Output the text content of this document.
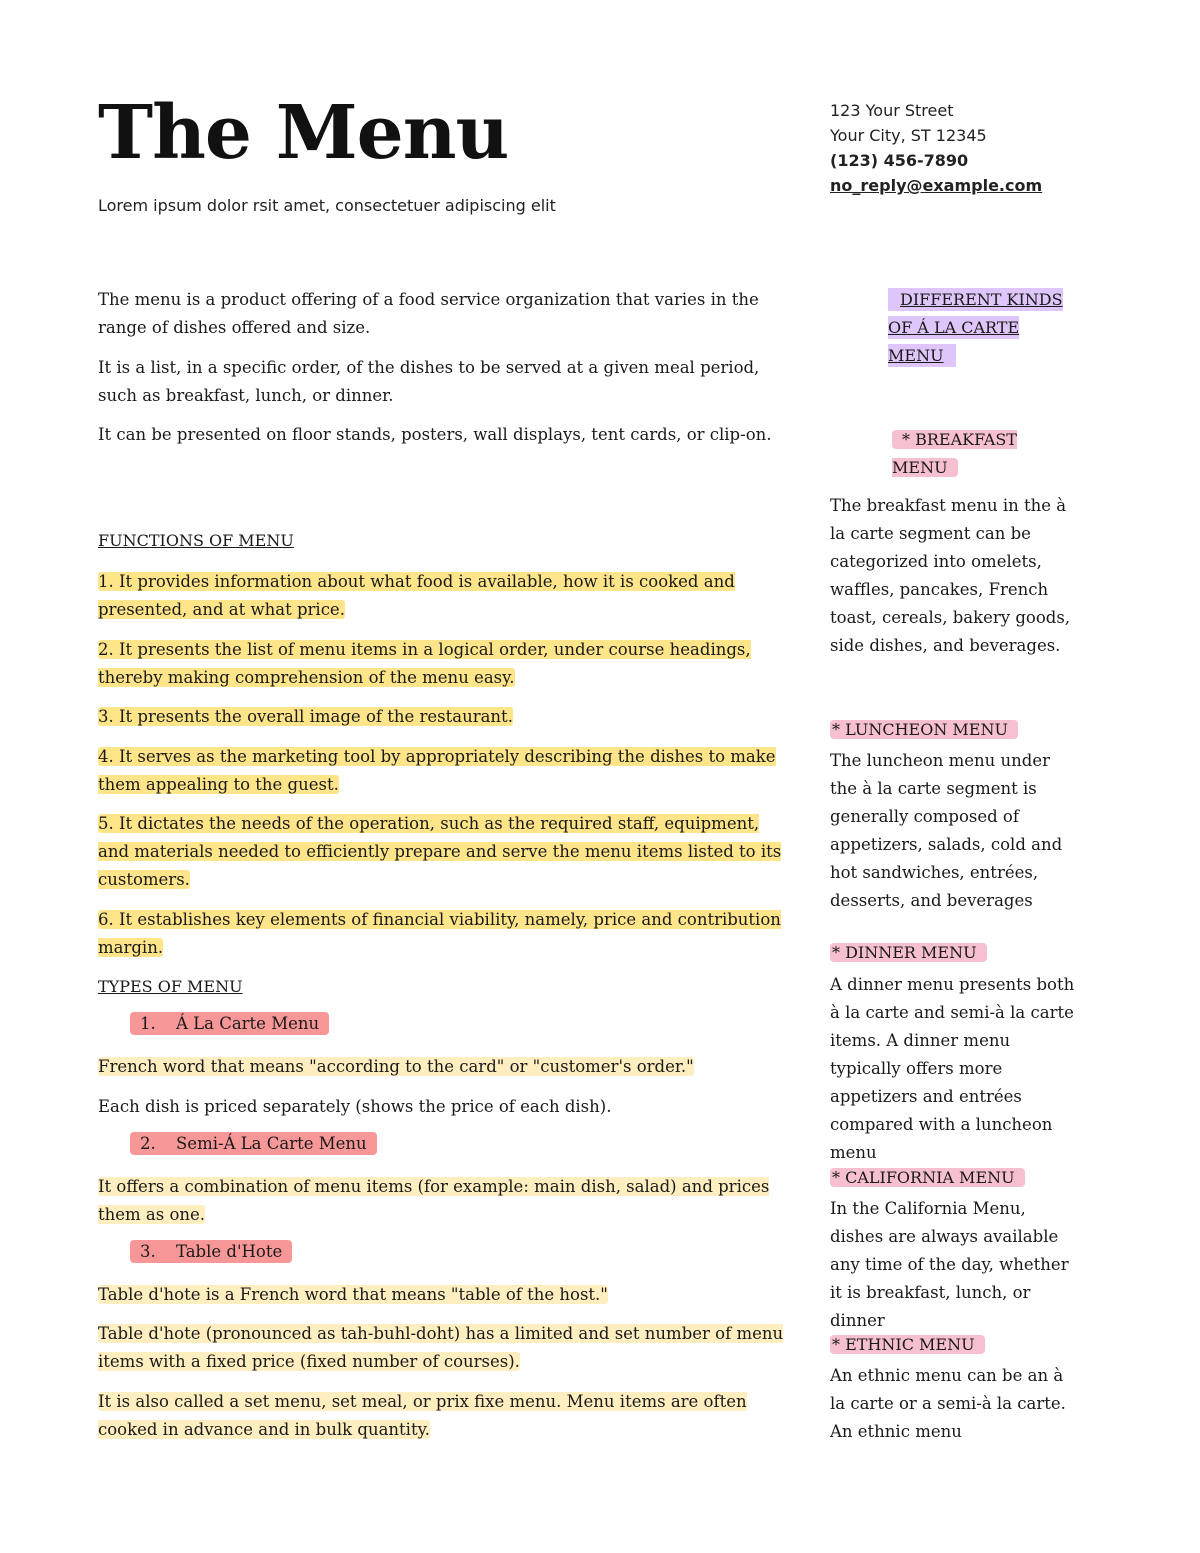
The Menu
Lorem ipsum dolor rsit amet, consectetuer adipiscing elit
123 Your Street
Your City, ST 12345
(123) 456-7890
no_reply@example.com

The menu is a product offering of a food service organization that varies in the range of dishes offered and size.

It is a list, in a specific order, of the dishes to be served at a given meal period, such as breakfast, lunch, or dinner.

It can be presented on floor stands, posters, wall displays, tent cards, or clip-on.

FUNCTIONS OF MENU

1. It provides information about what food is available, how it is cooked and presented, and at what price.

2. It presents the list of menu items in a logical order, under course headings, thereby making comprehension of the menu easy.

3. It presents the overall image of the restaurant.

4. It serves as the marketing tool by appropriately describing the dishes to make them appealing to the guest.

5. It dictates the needs of the operation, such as the required staff, equipment, and materials needed to efficiently prepare and serve the menu items listed to its customers.

6. It establishes key elements of financial viability, namely, price and contribution margin.

TYPES OF MENU

1. Á La Carte Menu

French word that means "according to the card" or "customer's order."

Each dish is priced separately (shows the price of each dish).

2. Semi-Á La Carte Menu

It offers a combination of menu items (for example: main dish, salad) and prices them as one.

3. Table d'Hote

Table d'hote is a French word that means "table of the host."

Table d'hote (pronounced as tah-buhl-doht) has a limited and set number of menu items with a fixed price (fixed number of courses).

It is also called a set menu, set meal, or prix fixe menu. Menu items are often cooked in advance and in bulk quantity.

DIFFERENT KINDS OF Á LA CARTE MENU

* BREAKFAST MENU

The breakfast menu in the à la carte segment can be categorized into omelets, waffles, pancakes, French toast, cereals, bakery goods, side dishes, and beverages.

* LUNCHEON MENU

The luncheon menu under the à la carte segment is generally composed of appetizers, salads, cold and hot sandwiches, entrées, desserts, and beverages

* DINNER MENU

A dinner menu presents both à la carte and semi-à la carte items. A dinner menu typically offers more appetizers and entrées compared with a luncheon menu

* CALIFORNIA MENU

In the California Menu, dishes are always available any time of the day, whether it is breakfast, lunch, or dinner

* ETHNIC MENU

An ethnic menu can be an à la carte or a semi-à la carte. An ethnic menu
